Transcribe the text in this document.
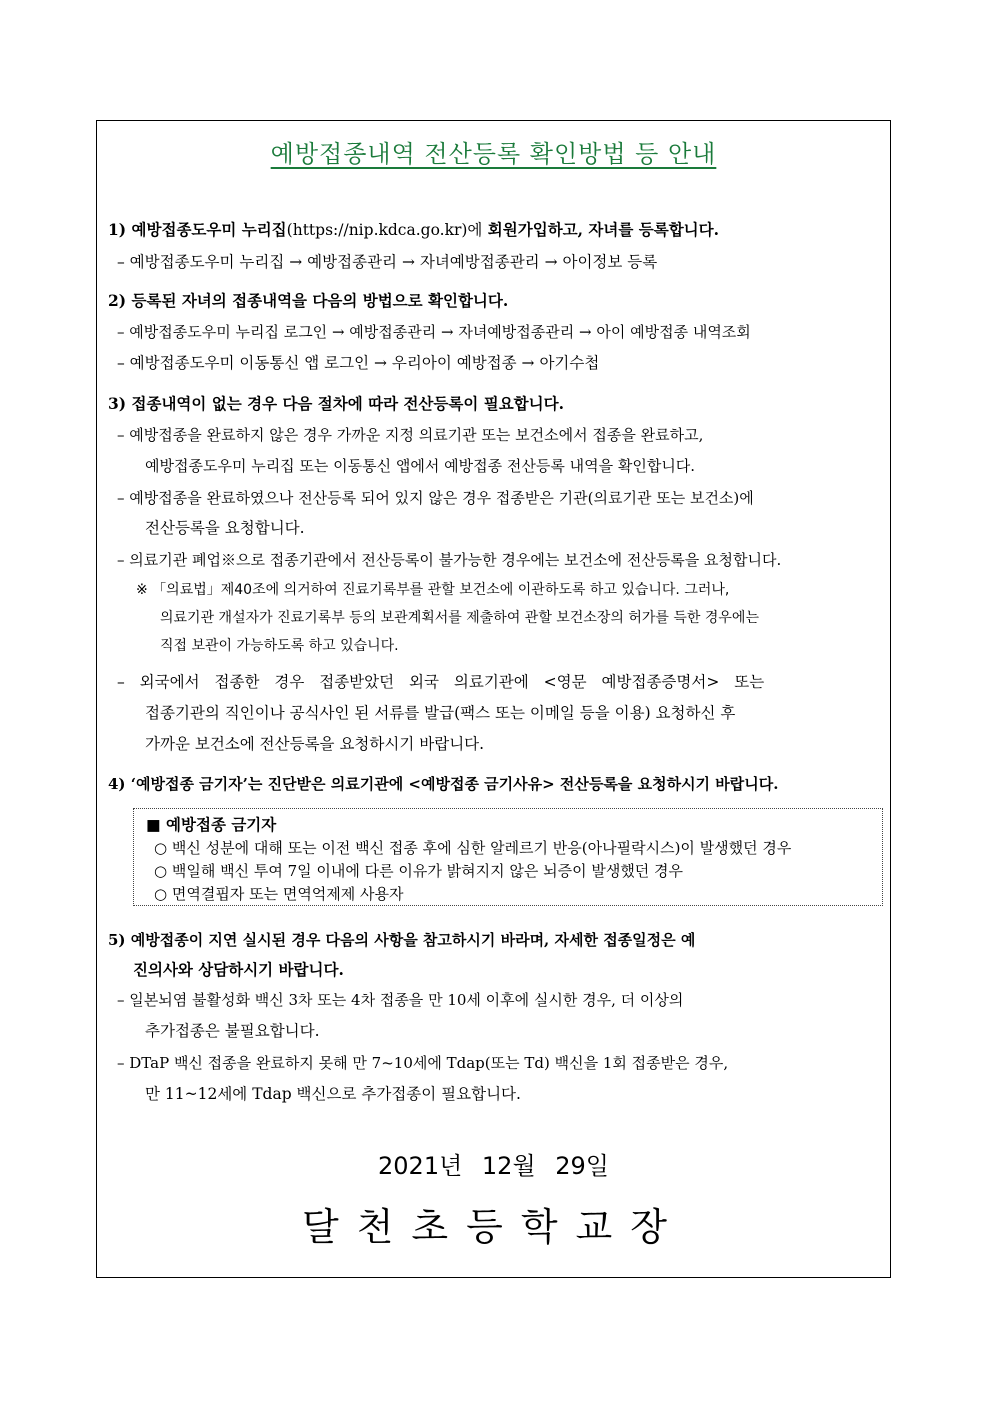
예방접종내역 전산등록 확인방법 등 안내
1) 예방접종도우미 누리집(https://nip.kdca.go.kr)에 회원가입하고, 자녀를 등록합니다.
– 예방접종도우미 누리집 → 예방접종관리 → 자녀예방접종관리 → 아이정보 등록
2) 등록된 자녀의 접종내역을 다음의 방법으로 확인합니다.
– 예방접종도우미 누리집 로그인 → 예방접종관리 → 자녀예방접종관리 → 아이 예방접종 내역조회
– 예방접종도우미 이동통신 앱 로그인 → 우리아이 예방접종 → 아기수첩
3) 접종내역이 없는 경우 다음 절차에 따라 전산등록이 필요합니다.
– 예방접종을 완료하지 않은 경우 가까운 지정 의료기관 또는 보건소에서 접종을 완료하고,
예방접종도우미 누리집 또는 이동통신 앱에서 예방접종 전산등록 내역을 확인합니다.
– 예방접종을 완료하였으나 전산등록 되어 있지 않은 경우 접종받은 기관(의료기관 또는 보건소)에
전산등록을 요청합니다.
– 의료기관 폐업※으로 접종기관에서 전산등록이 불가능한 경우에는 보건소에 전산등록을 요청합니다.
※ 「의료법」제40조에 의거하여 진료기록부를 관할 보건소에 이관하도록 하고 있습니다. 그러나,
의료기관 개설자가 진료기록부 등의 보관계획서를 제출하여 관할 보건소장의 허가를 득한 경우에는
직접 보관이 가능하도록 하고 있습니다.
– 외국에서 접종한 경우 접종받았던 외국 의료기관에 <영문 예방접종증명서> 또는
접종기관의 직인이나 공식사인 된 서류를 발급(팩스 또는 이메일 등을 이용) 요청하신 후
가까운 보건소에 전산등록을 요청하시기 바랍니다.
4) ‘예방접종 금기자’는 진단받은 의료기관에 <예방접종 금기사유> 전산등록을 요청하시기 바랍니다.
■ 예방접종 금기자
○ 백신 성분에 대해 또는 이전 백신 접종 후에 심한 알레르기 반응(아나필락시스)이 발생했던 경우
○ 백일해 백신 투여 7일 이내에 다른 이유가 밝혀지지 않은 뇌증이 발생했던 경우
○ 면역결핍자 또는 면역억제제 사용자
5) 예방접종이 지연 실시된 경우 다음의 사항을 참고하시기 바라며, 자세한 접종일정은 예
진의사와 상담하시기 바랍니다.
– 일본뇌염 불활성화 백신 3차 또는 4차 접종을 만 10세 이후에 실시한 경우, 더 이상의
추가접종은 불필요합니다.
– DTaP 백신 접종을 완료하지 못해 만 7~10세에 Tdap(또는 Td) 백신을 1회 접종받은 경우,
만 11~12세에 Tdap 백신으로 추가접종이 필요합니다.
2021년 12월 29일
달천초등학교장
